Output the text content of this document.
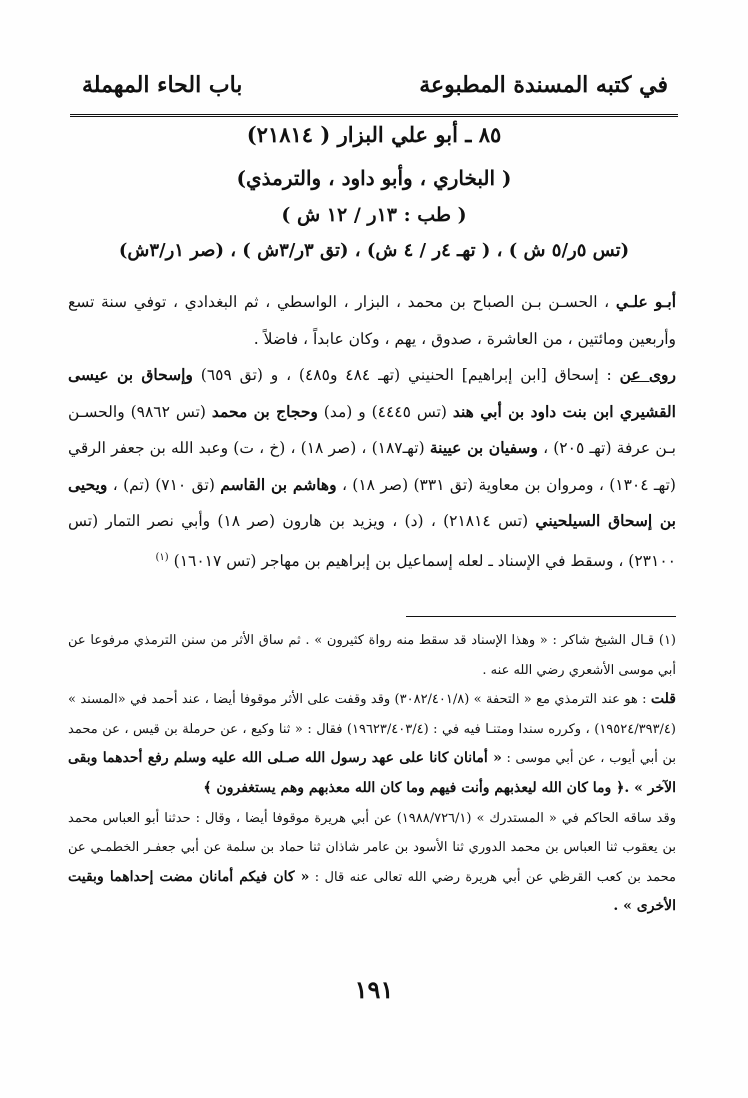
في كتبه المسندة المطبوعة
باب الحاء المهملة
٨٥ ـ أبو علي البزار ( ٢١٨١٤)
( البخاري ، وأبو داود ، والترمذي)
( طب : ١٣ر / ١٢ ش )
(تس ٥ر/٥ ش ) ، ( تهـ ٤ر / ٤ ش) ، (تق ٣ر/٣ش ) ، (صر ١ر/٣ش)

أبـو علـي ، الحسـن بـن الصباح بن محمد ، البزار ، الواسطي ، ثم البغدادي ، توفي سنة تسع وأربعين ومائتين ، من العاشرة ، صدوق ، يهم ، وكان عابداً ، فاضلاً .

روى عن : إسحاق [ابن إبراهيم] الحنيني (تهـ ٤٨٤ و٤٨٥) ، و (تق ٦٥٩) وإسحاق بن عيسى القشيري ابن بنت داود بن أبي هند (تس ٤٤٤٥) و (مد) وحجاج بن محمد (تس ٩٨٦٢) والحسـن بـن عرفة (تهـ ٢٠٥) ، وسفيان بن عيينة (تهـ١٨٧) ، (صر ١٨) ، (خ ، ت) وعبد الله بن جعفر الرقي (تهـ ١٣٠٤) ، ومروان بن معاوية (تق ٣٣١) (صر ١٨) ، وهاشم بن القاسم (تق ٧١٠) (تم) ، ويحيى بن إسحاق السيلحيني (تس ٢١٨١٤) ، (د) ، ويزيد بن هارون (صر ١٨) وأبي نصر التمار (تس ٢٣١٠٠) ، وسقط في الإسناد ـ لعله إسماعيل بن إبراهيم بن مهاجر (تس ١٦٠١٧) $^{(١)}$

(١) قـال الشيخ شاكر : « وهذا الإسناد قد سقط منه رواة كثيرون » . ثم ساق الأثر من سنن الترمذي مرفوعا عن أبي موسى الأشعري رضي الله عنه .

قلت : هو عند الترمذي مع « التحفة » (٣٠٨٢/٤٠١/٨) وقد وقفت على الأثر موقوفا أيضا ، عند أحمد في «المسند » (١٩٥٢٤/٣٩٣/٤) ، وكرره سندا ومتنـا فيه في : (١٩٦٢٣/٤٠٣/٤) فقال : « ثنا وكيع ، عن حرملة بن قيس ، عن محمد بن أبي أيوب ، عن أبي موسى : « أمانان كانا على عهد رسول الله صـلى الله عليه وسلم رفع أحدهما وبقى الآخر » .﴿ وما كان الله ليعذبهم وأنت فيهم وما كان الله معذبهم وهم يستغفرون ﴾

وقد ساقه الحاكم في « المستدرك » (١٩٨٨/٧٢٦/١) عن أبي هريرة موقوفا أيضا ، وقال : حدثنا أبو العباس محمد بن يعقوب ثنا العباس بن محمد الدوري ثنا الأسود بن عامر شاذان ثنا حماد بن سلمة عن أبي جعفـر الخطمـي عن محمد بن كعب القرظي عن أبي هريرة رضي الله تعالى عنه قال : « كان فيكم أمانان مضت إحداهما وبقيت الأخرى » .

١٩١
